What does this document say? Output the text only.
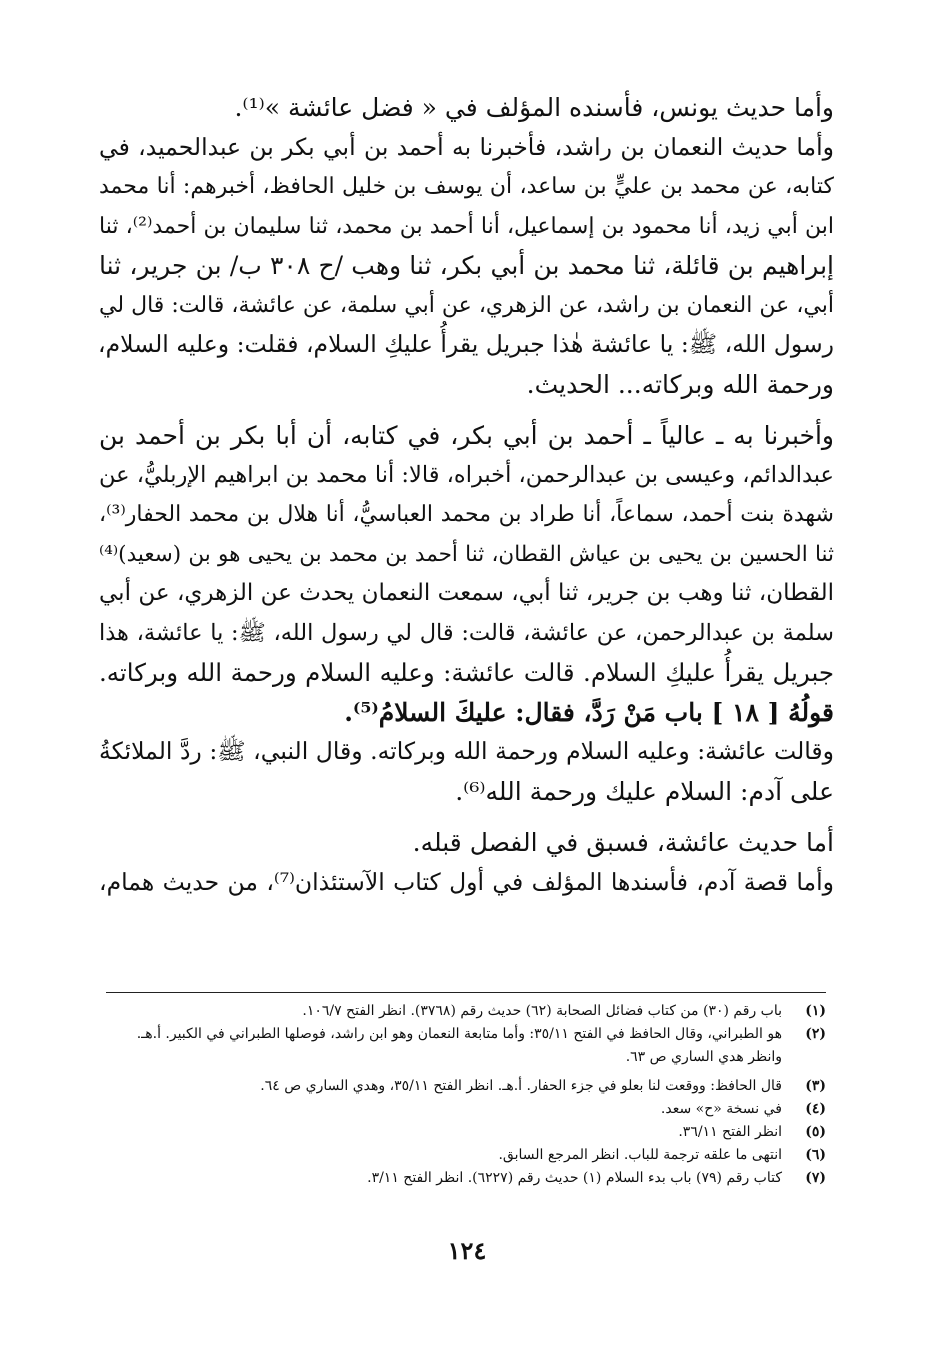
وأما حديث يونس، فأسنده المؤلف في « فضل عائشة »⁽¹⁾.
وأما حديث النعمان بن راشد، فأخبرنا به أحمد بن أبي بكر بن عبدالحميد، في
كتابه، عن محمد بن عليٍّ بن ساعد، أن يوسف بن خليل الحافظ، أخبرهم: أنا محمد
ابن أبي زيد، أنا محمود بن إسماعيل، أنا أحمد بن محمد، ثنا سليمان بن أحمد⁽²⁾، ثنا
إبراهيم بن قائلة، ثنا محمد بن أبي بكر، ثنا وهب /ح ٣٠٨ ب/ بن جرير، ثنا
أبي، عن النعمان بن راشد، عن الزهري، عن أبي سلمة، عن عائشة، قالت: قال لي
رسول الله، ﷺ: يا عائشة هٰذا جبريل يقرأُ عليكِ السلام، فقلت: وعليه السلام،
ورحمة الله وبركاته... الحديث.
وأخبرنا به ـ عالياً ـ أحمد بن أبي بكر، في كتابه، أن أبا بكر بن أحمد بن
عبدالدائم، وعيسى بن عبدالرحمن، أخبراه، قالا: أنا محمد بن ابراهيم الإربليُّ، عن
شهدة بنت أحمد، سماعاً، أنا طراد بن محمد العباسيُّ، أنا هلال بن محمد الحفار⁽³⁾،
ثنا الحسين بن يحيى بن عياش القطان، ثنا أحمد بن محمد بن يحيى هو بن (سعيد)⁽⁴⁾
القطان، ثنا وهب بن جرير، ثنا أبي، سمعت النعمان يحدث عن الزهري، عن أبي
سلمة بن عبدالرحمن، عن عائشة، قالت: قال لي رسول الله، ﷺ: يا عائشة، هذا
جبريل يقرأُ عليكِ السلام. قالت عائشة: وعليه السلام ورحمة الله وبركاته.
قولُهُ [ ١٨ ] باب مَنْ رَدَّ، فقال: عليكَ السلامُ⁽⁵⁾.
وقالت عائشة: وعليه السلام ورحمة الله وبركاته. وقال النبي، ﷺ: ردَّ الملائكةُ
على آدم: السلام عليك ورحمة الله⁽⁶⁾.
أما حديث عائشة، فسبق في الفصل قبله.
وأما قصة آدم، فأسندها المؤلف في أول كتاب الآستئذان⁽⁷⁾، من حديث همام،
(١)
باب رقم (٣٠) من كتاب فضائل الصحابة (٦٢) حديث رقم (٣٧٦٨). انظر الفتح ١٠٦/٧.
(٢)
هو الطبراني، وقال الحافظ في الفتح ٣٥/١١: وأما متابعة النعمان وهو ابن راشد، فوصلها الطبراني في الكبير. أ.هـ.
وانظر هدي الساري ص ٦٣.
(٣)
قال الحافظ: ووقعت لنا بعلو في جزء الحفار. أ.هـ. انظر الفتح ٣٥/١١، وهدي الساري ص ٦٤.
(٤)
في نسخة «ح» سعد.
(٥)
انظر الفتح ٣٦/١١.
(٦)
انتهى ما علقه ترجمة للباب. انظر المرجع السابق.
(٧)
كتاب رقم (٧٩) باب بدء السلام (١) حديث رقم (٦٢٢٧). انظر الفتح ٣/١١.
١٢٤
